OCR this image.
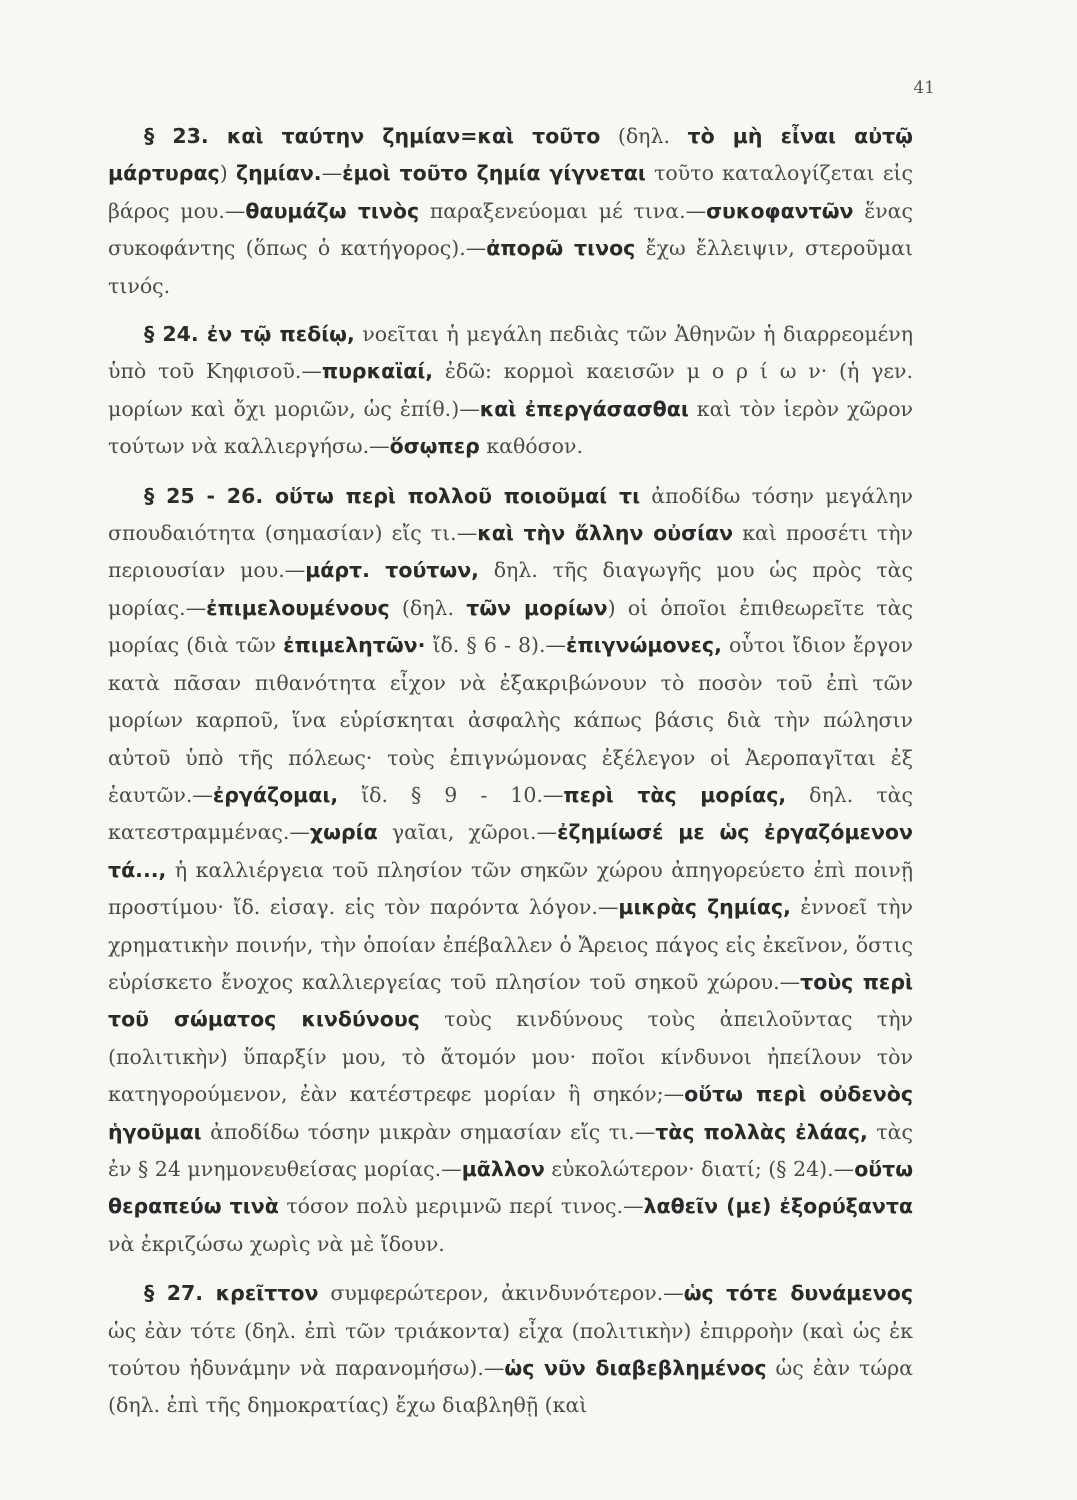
41

§ 23. καὶ ταύτην ζημίαν=καὶ τοῦτο (δηλ. τὸ μὴ εἶναι αὐτῷ μάρτυρας) ζημίαν.—ἐμοὶ τοῦτο ζημία γίγνεται τοῦτο καταλογίζεται εἰς βάρος μου.—θαυμάζω τινὸς παραξενεύομαι μέ τινα.—συκοφαντῶν ἕνας συκοφάντης (ὅπως ὁ κατήγορος).—ἀπορῶ τινος ἔχω ἔλλειψιν, στεροῦμαι τινός.

§ 24. ἐν τῷ πεδίῳ, νοεῖται ἡ μεγάλη πεδιὰς τῶν Ἀθηνῶν ἡ διαρρεομένη ὑπὸ τοῦ Κηφισοῦ.—πυρκαϊαί, ἐδῶ: κορμοὶ καεισῶν μ ο ρ ί ω ν· (ἡ γεν. μορίων καὶ ὄχι μοριῶν, ὡς ἐπίθ.)—καὶ ἐπεργάσασθαι καὶ τὸν ἱερὸν χῶρον τούτων νὰ καλλιεργήσω.—ὅσῳπερ καθόσον.

§ 25 - 26. οὕτω περὶ πολλοῦ ποιοῦμαί τι ἀποδίδω τόσην μεγάλην σπουδαιότητα (σημασίαν) εἴς τι.—καὶ τὴν ἄλλην οὐσίαν καὶ προσέτι τὴν περιουσίαν μου.—μάρτ. τούτων, δηλ. τῆς διαγωγῆς μου ὡς πρὸς τὰς μορίας.—ἐπιμελουμένους (δηλ. τῶν μορίων) οἱ ὁποῖοι ἐπιθεωρεῖτε τὰς μορίας (διὰ τῶν ἐπιμελητῶν· ἴδ. § 6 - 8).—ἐπιγνώμονες, οὗτοι ἴδιον ἔργον κατὰ πᾶσαν πιθανότητα εἶχον νὰ ἐξακριβώνουν τὸ ποσὸν τοῦ ἐπὶ τῶν μορίων καρποῦ, ἵνα εὑρίσκηται ἀσφαλὴς κάπως βάσις διὰ τὴν πώλησιν αὐτοῦ ὑπὸ τῆς πόλεως· τοὺς ἐπιγνώμονας ἐξέλεγον οἱ Ἀεροπαγῖται ἐξ ἑαυτῶν.—ἐργάζομαι, ἴδ. § 9 - 10.—περὶ τὰς μορίας, δηλ. τὰς κατεστραμμένας.—χωρία γαῖαι, χῶροι.—ἐζημίωσέ με ὡς ἐργαζόμενον τά..., ἡ καλλιέργεια τοῦ πλησίον τῶν σηκῶν χώρου ἀπηγορεύετο ἐπὶ ποινῇ προστίμου· ἴδ. εἰσαγ. εἰς τὸν παρόντα λόγον.—μικρὰς ζημίας, ἐννοεῖ τὴν χρηματικὴν ποινήν, τὴν ὁποίαν ἐπέβαλλεν ὁ Ἄρειος πάγος εἰς ἐκεῖνον, ὅστις εὑρίσκετο ἔνοχος καλλιεργείας τοῦ πλησίον τοῦ σηκοῦ χώρου.—τοὺς περὶ τοῦ σώματος κινδύνους τοὺς κινδύνους τοὺς ἀπειλοῦντας τὴν (πολιτικὴν) ὕπαρξίν μου, τὸ ἄτομόν μου· ποῖοι κίνδυνοι ἠπείλουν τὸν κατηγορούμενον, ἐὰν κατέστρεφε μορίαν ἢ σηκόν;—οὕτω περὶ οὐδενὸς ἡγοῦμαι ἀποδίδω τόσην μικρὰν σημασίαν εἴς τι.—τὰς πολλὰς ἐλάας, τὰς ἐν § 24 μνημονευθείσας μορίας.—μᾶλλον εὐκολώτερον· διατί; (§ 24).—οὕτω θεραπεύω τινὰ τόσον πολὺ μεριμνῶ περί τινος.—λαθεῖν (με) ἐξορύξαντα νὰ ἐκριζώσω χωρὶς νὰ μὲ ἴδουν.

§ 27. κρεῖττον συμφερώτερον, ἀκινδυνότερον.—ὡς τότε δυνάμενος ὡς ἐὰν τότε (δηλ. ἐπὶ τῶν τριάκοντα) εἶχα (πολιτικὴν) ἐπιρροὴν (καὶ ὡς ἐκ τούτου ἠδυνάμην νὰ παρανομήσω).—ὡς νῦν διαβεβλημένος ὡς ἐὰν τώρα (δηλ. ἐπὶ τῆς δημοκρατίας) ἔχω διαβληθῇ (καὶ
